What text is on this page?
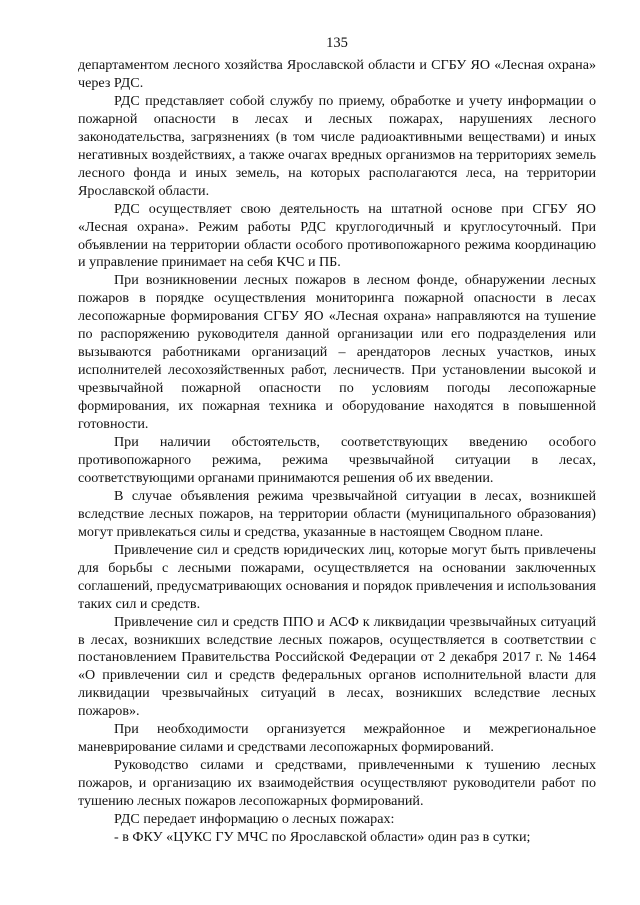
135

департаментом лесного хозяйства Ярославской области и СГБУ ЯО «Лесная охрана» через РДС.

РДС представляет собой службу по приему, обработке и учету информации о пожарной опасности в лесах и лесных пожарах, нарушениях лесного законодательства, загрязнениях (в том числе радиоактивными веществами) и иных негативных воздействиях, а также очагах вредных организмов на территориях земель лесного фонда и иных земель, на которых располагаются леса, на территории Ярославской области.

РДС осуществляет свою деятельность на штатной основе при СГБУ ЯО «Лесная охрана». Режим работы РДС круглогодичный и круглосуточный. При объявлении на территории области особого противопожарного режима координацию и управление принимает на себя КЧС и ПБ.

При возникновении лесных пожаров в лесном фонде, обнаружении лесных пожаров в порядке осуществления мониторинга пожарной опасности в лесах лесопожарные формирования СГБУ ЯО «Лесная охрана» направляются на тушение по распоряжению руководителя данной организации или его подразделения или вызываются работниками организаций – арендаторов лесных участков, иных исполнителей лесохозяйственных работ, лесничеств. При установлении высокой и чрезвычайной пожарной опасности по условиям погоды лесопожарные формирования, их пожарная техника и оборудование находятся в повышенной готовности.

При наличии обстоятельств, соответствующих введению особого противопожарного режима, режима чрезвычайной ситуации в лесах, соответствующими органами принимаются решения об их введении.

В случае объявления режима чрезвычайной ситуации в лесах, возникшей вследствие лесных пожаров, на территории области (муниципального образования) могут привлекаться силы и средства, указанные в настоящем Сводном плане.

Привлечение сил и средств юридических лиц, которые могут быть привлечены для борьбы с лесными пожарами, осуществляется на основании заключенных соглашений, предусматривающих основания и порядок привлечения и использования таких сил и средств.

Привлечение сил и средств ППО и АСФ к ликвидации чрезвычайных ситуаций в лесах, возникших вследствие лесных пожаров, осуществляется в соответствии с постановлением Правительства Российской Федерации от 2 декабря 2017 г. № 1464 «О привлечении сил и средств федеральных органов исполнительной власти для ликвидации чрезвычайных ситуаций в лесах, возникших вследствие лесных пожаров».

При необходимости организуется межрайонное и межрегиональное маневрирование силами и средствами лесопожарных формирований.

Руководство силами и средствами, привлеченными к тушению лесных пожаров, и организацию их взаимодействия осуществляют руководители работ по тушению лесных пожаров лесопожарных формирований.

РДС передает информацию о лесных пожарах:

- в ФКУ «ЦУКС ГУ МЧС по Ярославской области» один раз в сутки;
